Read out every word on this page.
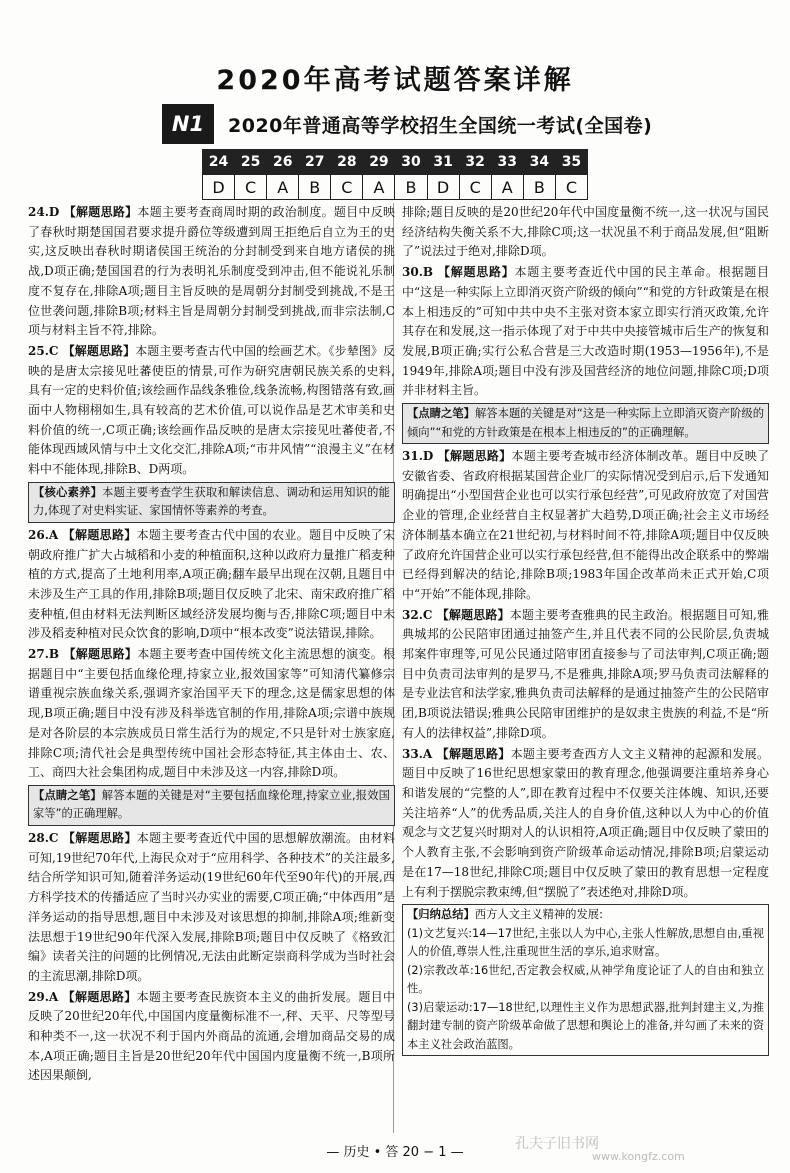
2020年高考试题答案详解
N1	2020年普通高等学校招生全国统一考试(全国卷)
24	25	26	27	28	29	30	31	32	33	34	35
D	C	A	B	C	A	B	D	C	A	B	C
24.D 【解题思路】本题主要考查商周时期的政治制度。题目中反映了春秋时期楚国国君要求提升爵位等级遭到周王拒绝后自立为王的史实,这反映出春秋时期诸侯国王统治的分封制受到来自地方诸侯的挑战,D项正确;楚国国君的行为表明礼乐制度受到冲击,但不能说礼乐制度不复存在,排除A项;题目主旨反映的是周朝分封制受到挑战,不是王位世袭问题,排除B项;材料主旨是周朝分封制受到挑战,而非宗法制,C项与材料主旨不符,排除。
25.C 【解题思路】本题主要考查古代中国的绘画艺术。《步辇图》反映的是唐太宗接见吐蕃使臣的情景,可作为研究唐朝民族关系的史料,具有一定的史料价值;该绘画作品线条雅俭,线条流畅,构图错落有致,画面中人物栩栩如生,具有较高的艺术价值,可以说作品是艺术审美和史料价值的统一,C项正确;该绘画作品反映的是唐太宗接见吐蕃使者,不能体现西域风情与中土文化交汇,排除A项;“市井风情”“浪漫主义”在材料中不能体现,排除B、D两项。
【核心素养】本题主要考查学生获取和解读信息、调动和运用知识的能力,体现了对史料实证、家国情怀等素养的考查。
26.A 【解题思路】本题主要考查古代中国的农业。题目中反映了宋朝政府推广扩大占城稻和小麦的种植面积,这种以政府力量推广稻麦种植的方式,提高了土地利用率,A项正确;翻车最早出现在汉朝,且题目中未涉及生产工具的作用,排除B项;题目仅反映了北宋、南宋政府推广稻麦种植,但由材料无法判断区域经济发展均衡与否,排除C项;题目中未涉及稻麦种植对民众饮食的影响,D项中“根本改变”说法错误,排除。
27.B 【解题思路】本题主要考查中国传统文化主流思想的演变。根据题目中“主要包括血缘伦理,持家立业,报效国家等”可知清代纂修宗谱重视宗族血缘关系,强调齐家治国平天下的理念,这是儒家思想的体现,B项正确;题目中没有涉及科举选官制的作用,排除A项;宗谱中族规是对各阶层的本宗族成员日常生活行为的规定,不只是针对士族家庭,排除C项;清代社会是典型传统中国社会形态特征,其主体由士、农、工、商四大社会集团构成,题目中未涉及这一内容,排除D项。
【点睛之笔】解答本题的关键是对“主要包括血缘伦理,持家立业,报效国家等”的正确理解。
28.C 【解题思路】本题主要考查近代中国的思想解放潮流。由材料可知,19世纪70年代,上海民众对于“应用科学、各种技术”的关注最多,结合所学知识可知,随着洋务运动(19世纪60年代至90年代)的开展,西方科学技术的传播适应了当时兴办实业的需要,C项正确;“中体西用”是洋务运动的指导思想,题目中未涉及对该思想的抑制,排除A项;维新变法思想于19世纪90年代深入发展,排除B项;题目中仅反映了《格致汇编》读者关注的问题的比例情况,无法由此断定崇商科学成为当时社会的主流思潮,排除D项。
29.A 【解题思路】本题主要考查民族资本主义的曲折发展。题目中反映了20世纪20年代,中国国内度量衡标准不一,秤、天平、尺等型号和种类不一,这一状况不利于国内外商品的流通,会增加商品交易的成本,A项正确;题目主旨是20世纪20年代中国国内度量衡不统一,B项所述因果颠倒,
排除;题目反映的是20世纪20年代中国度量衡不统一,这一状况与国民经济结构失衡关系不大,排除C项;这一状况虽不利于商品发展,但“阻断了”说法过于绝对,排除D项。
30.B 【解题思路】本题主要考查近代中国的民主革命。根据题目中“这是一种实际上立即消灭资产阶级的倾向”“和党的方针政策是在根本上相违反的”可知中共中央不主张对资本家立即实行消灭政策,允许其存在和发展,这一指示体现了对于中共中央接管城市后生产的恢复和发展,B项正确;实行公私合营是三大改造时期(1953—1956年),不是1949年,排除A项;题目中没有涉及国营经济的地位问题,排除C项;D项并非材料主旨。
【点睛之笔】解答本题的关键是对“这是一种实际上立即消灭资产阶级的倾向”“和党的方针政策是在根本上相违反的”的正确理解。
31.D 【解题思路】本题主要考查城市经济体制改革。题目中反映了安徽省委、省政府根据某国营企业厂的实际情况受到启示,后下发通知明确提出“小型国营企业也可以实行承包经营”,可见政府放宽了对国营企业的管理,企业经营自主权显著扩大趋势,D项正确;社会主义市场经济体制基本确立在21世纪初,与材料时间不符,排除A项;题目中仅反映了政府允许国营企业可以实行承包经营,但不能得出改企联系中的弊端已经得到解决的结论,排除B项;1983年国企改革尚未正式开始,C项中“开始”不能体现,排除。
32.C 【解题思路】本题主要考查雅典的民主政治。根据题目可知,雅典城邦的公民陪审团通过抽签产生,并且代表不同的公民阶层,负责城邦案件审理等,可见公民通过陪审团直接参与了司法审判,C项正确;题目中负责司法审判的是罗马,不是雅典,排除A项;罗马负责司法解释的是专业法官和法学家,雅典负责司法解释的是通过抽签产生的公民陪审团,B项说法错误;雅典公民陪审团维护的是奴隶主贵族的利益,不是“所有人的法律权益”,排除D项。
33.A 【解题思路】本题主要考查西方人文主义精神的起源和发展。题目中反映了16世纪思想家蒙田的教育理念,他强调要注重培养身心和谐发展的“完整的人”,即在教育过程中不仅要关注体魄、知识,还要关注培养“人”的优秀品质,关注人的自身价值,这种以人为中心的价值观念与文艺复兴时期对人的认识相符,A项正确;题目中仅反映了蒙田的个人教育主张,不会影响到资产阶级革命运动情况,排除B项;启蒙运动是在17—18世纪,排除C项;题目中仅反映了蒙田的教育思想一定程度上有利于摆脱宗教束缚,但“摆脱了”表述绝对,排除D项。
【归纳总结】西方人文主义精神的发展:
(1)文艺复兴:14—17世纪,主张以人为中心,主张人性解放,思想自由,重视人的价值,尊崇人性,注重现世生活的享乐,追求财富。
(2)宗教改革:16世纪,否定教会权威,从神学角度论证了人的自由和独立性。
(3)启蒙运动:17—18世纪,以理性主义作为思想武器,批判封建主义,为推翻封建专制的资产阶级革命做了思想和舆论上的准备,并勾画了未来的资本主义社会政治蓝图。
— 历史 • 答 20 − 1 —
孔夫子旧书网
www.kongfz.com
